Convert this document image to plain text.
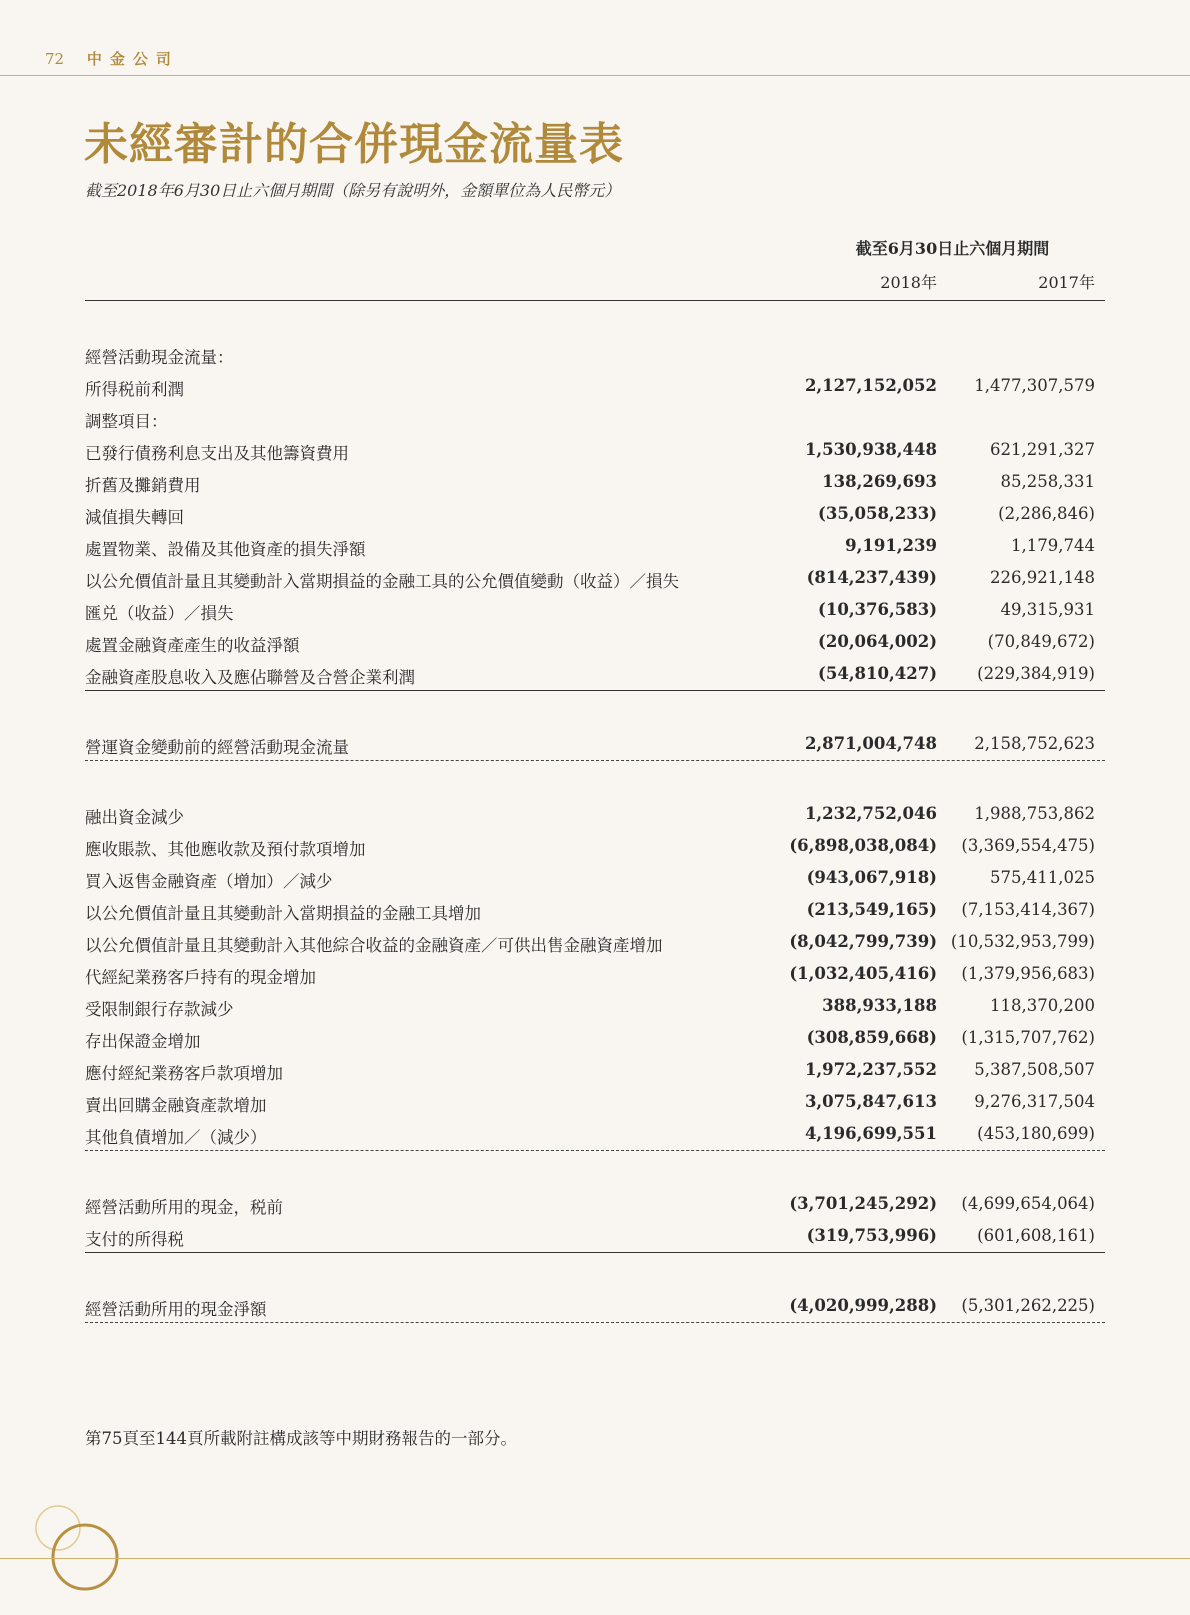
72 中金公司
未經審計的合併現金流量表
截至2018年6月30日止六個月期間（除另有說明外，金額單位為人民幣元）
截至6月30日止六個月期間
2018年	2017年
經營活動現金流量：
所得税前利潤	2,127,152,052 1,477,307,579
調整項目：
已發行債務利息支出及其他籌資費用	1,530,938,448	621,291,327
折舊及攤銷費用	138,269,693	85,258,331
減值損失轉回	(35,058,233)	(2,286,846)
處置物業、設備及其他資產的損失淨額	9,191,239	1,179,744
以公允價值計量且其變動計入當期損益的金融工具的公允價值變動（收益）／損失	(814,237,439)	226,921,148
匯兑（收益）／損失	(10,376,583)	49,315,931
處置金融資產產生的收益淨額	(20,064,002)	(70,849,672)
金融資產股息收入及應佔聯營及合營企業利潤	(54,810,427) (229,384,919)
營運資金變動前的經營活動現金流量	2,871,004,748 2,158,752,623
融出資金減少	1,232,752,046 1,988,753,862
應收賬款、其他應收款及預付款項增加	(6,898,038,084) (3,369,554,475)
買入返售金融資產（增加）／減少	(943,067,918)	575,411,025
以公允價值計量且其變動計入當期損益的金融工具增加	(213,549,165) (7,153,414,367)
以公允價值計量且其變動計入其他綜合收益的金融資產／可供出售金融資產增加	(8,042,799,739) (10,532,953,799)
代經紀業務客戶持有的現金增加	(1,032,405,416) (1,379,956,683)
受限制銀行存款減少	388,933,188	118,370,200
存出保證金增加	(308,859,668) (1,315,707,762)
應付經紀業務客戶款項增加	1,972,237,552 5,387,508,507
賣出回購金融資產款增加	3,075,847,613 9,276,317,504
其他負債增加／（減少）	4,196,699,551 (453,180,699)
經營活動所用的現金，税前	(3,701,245,292) (4,699,654,064)
支付的所得税	(319,753,996) (601,608,161)
經營活動所用的現金淨額	(4,020,999,288) (5,301,262,225)
第75頁至144頁所載附註構成該等中期財務報告的一部分。
